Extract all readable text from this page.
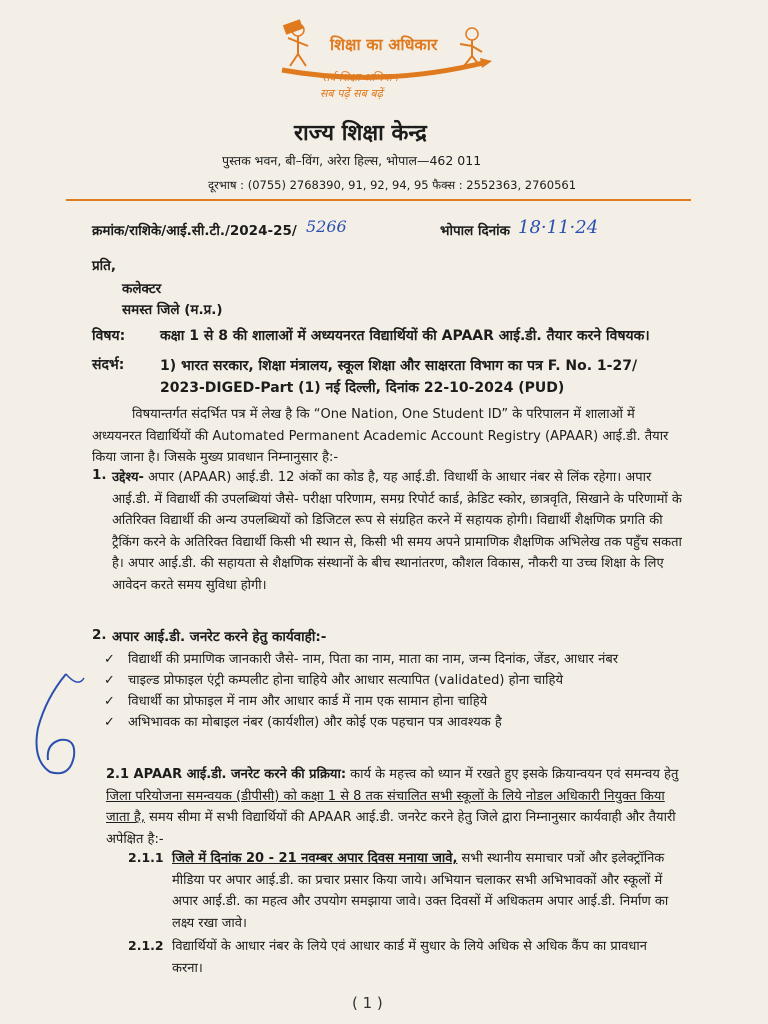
शिक्षा का अधिकार
सर्व शिक्षा अभियान
सब पढ़ें सब बढ़ें
राज्य शिक्षा केन्द्र
पुस्तक भवन, बी–विंग, अरेरा हिल्स, भोपाल—462 011
दूरभाष : (0755) 2768390, 91, 92, 94, 95 फैक्स : 2552363, 2760561
क्रमांक/राशिके/आई.सी.टी./2024-25/ 5266	भोपाल दिनांक 18·11·24
प्रति,
कलेक्टर
समस्त जिले (म.प्र.)
विषय: कक्षा 1 से 8 की शालाओं में अध्ययनरत विद्यार्थियों की APAAR आई.डी. तैयार करने विषयक।
संदर्भ:	1) भारत सरकार, शिक्षा मंत्रालय, स्कूल शिक्षा और साक्षरता विभाग का पत्र F. No. 1-27/ 2023-DIGED-Part (1) नई दिल्ली, दिनांक 22-10-2024 (PUD)
विषयान्तर्गत संदर्भित पत्र में लेख है कि “One Nation, One Student ID” के परिपालन में शालाओं में अध्ययनरत विद्यार्थियों की Automated Permanent Academic Account Registry (APAAR) आई.डी. तैयार किया जाना है। जिसके मुख्य प्रावधान निम्नानुसार है:-
1. उद्देश्य- अपार (APAAR) आई.डी. 12 अंकों का कोड है, यह आई.डी. विधार्थी के आधार नंबर से लिंक रहेगा। अपार आई.डी. में विद्यार्थी की उपलब्धियां जैसे- परीक्षा परिणाम, समग्र रिपोर्ट कार्ड, क्रेडिट स्कोर, छात्रवृति, सिखाने के परिणामों के अतिरिक्त विद्यार्थी की अन्य उपलब्धियों को डिजिटल रूप से संग्रहित करने में सहायक होगी। विद्यार्थी शैक्षणिक प्रगति की ट्रैकिंग करने के अतिरिक्त विद्यार्थी किसी भी स्थान से, किसी भी समय अपने प्रामाणिक शैक्षणिक अभिलेख तक पहुँच सकता है। अपार आई.डी. की सहायता से शैक्षणिक संस्थानों के बीच स्थानांतरण, कौशल विकास, नौकरी या उच्च शिक्षा के लिए आवेदन करते समय सुविधा होगी।
2. अपार आई.डी. जनरेट करने हेतु कार्यवाही:-
✓ विद्यार्थी की प्रमाणिक जानकारी जैसे- नाम, पिता का नाम, माता का नाम, जन्म दिनांक, जेंडर, आधार नंबर
✓ चाइल्ड प्रोफाइल एंट्री कम्पलीट होना चाहिये और आधार सत्यापित (validated) होना चाहिये
✓ विधार्थी का प्रोफाइल में नाम और आधार कार्ड में नाम एक सामान होना चाहिये
✓ अभिभावक का मोबाइल नंबर (कार्यशील) और कोई एक पहचान पत्र आवश्यक है
2.1 APAAR आई.डी. जनरेट करने की प्रक्रिया: कार्य के महत्त्व को ध्यान में रखते हुए इसके क्रियान्वयन एवं समन्वय हेतु जिला परियोजना समन्वयक (डीपीसी) को कक्षा 1 से 8 तक संचालित सभी स्कूलों के लिये नोडल अधिकारी नियुक्त किया जाता है, समय सीमा में सभी विद्यार्थियों की APAAR आई.डी. जनरेट करने हेतु जिले द्वारा निम्नानुसार कार्यवाही और तैयारी अपेक्षित है:-
2.1.1 जिले में दिनांक 20 - 21 नवम्बर अपार दिवस मनाया जावे, सभी स्थानीय समाचार पत्रों और इलेक्ट्रॉनिक मीडिया पर अपार आई.डी. का प्रचार प्रसार किया जाये। अभियान चलाकर सभी अभिभावकों और स्कूलों में अपार आई.डी. का महत्व और उपयोग समझाया जावे। उक्त दिवसों में अधिकतम अपार आई.डी. निर्माण का लक्ष्य रखा जावे।
2.1.2 विद्यार्थियों के आधार नंबर के लिये एवं आधार कार्ड में सुधार के लिये अधिक से अधिक कैंप का प्रावधान करना।
( 1 )
